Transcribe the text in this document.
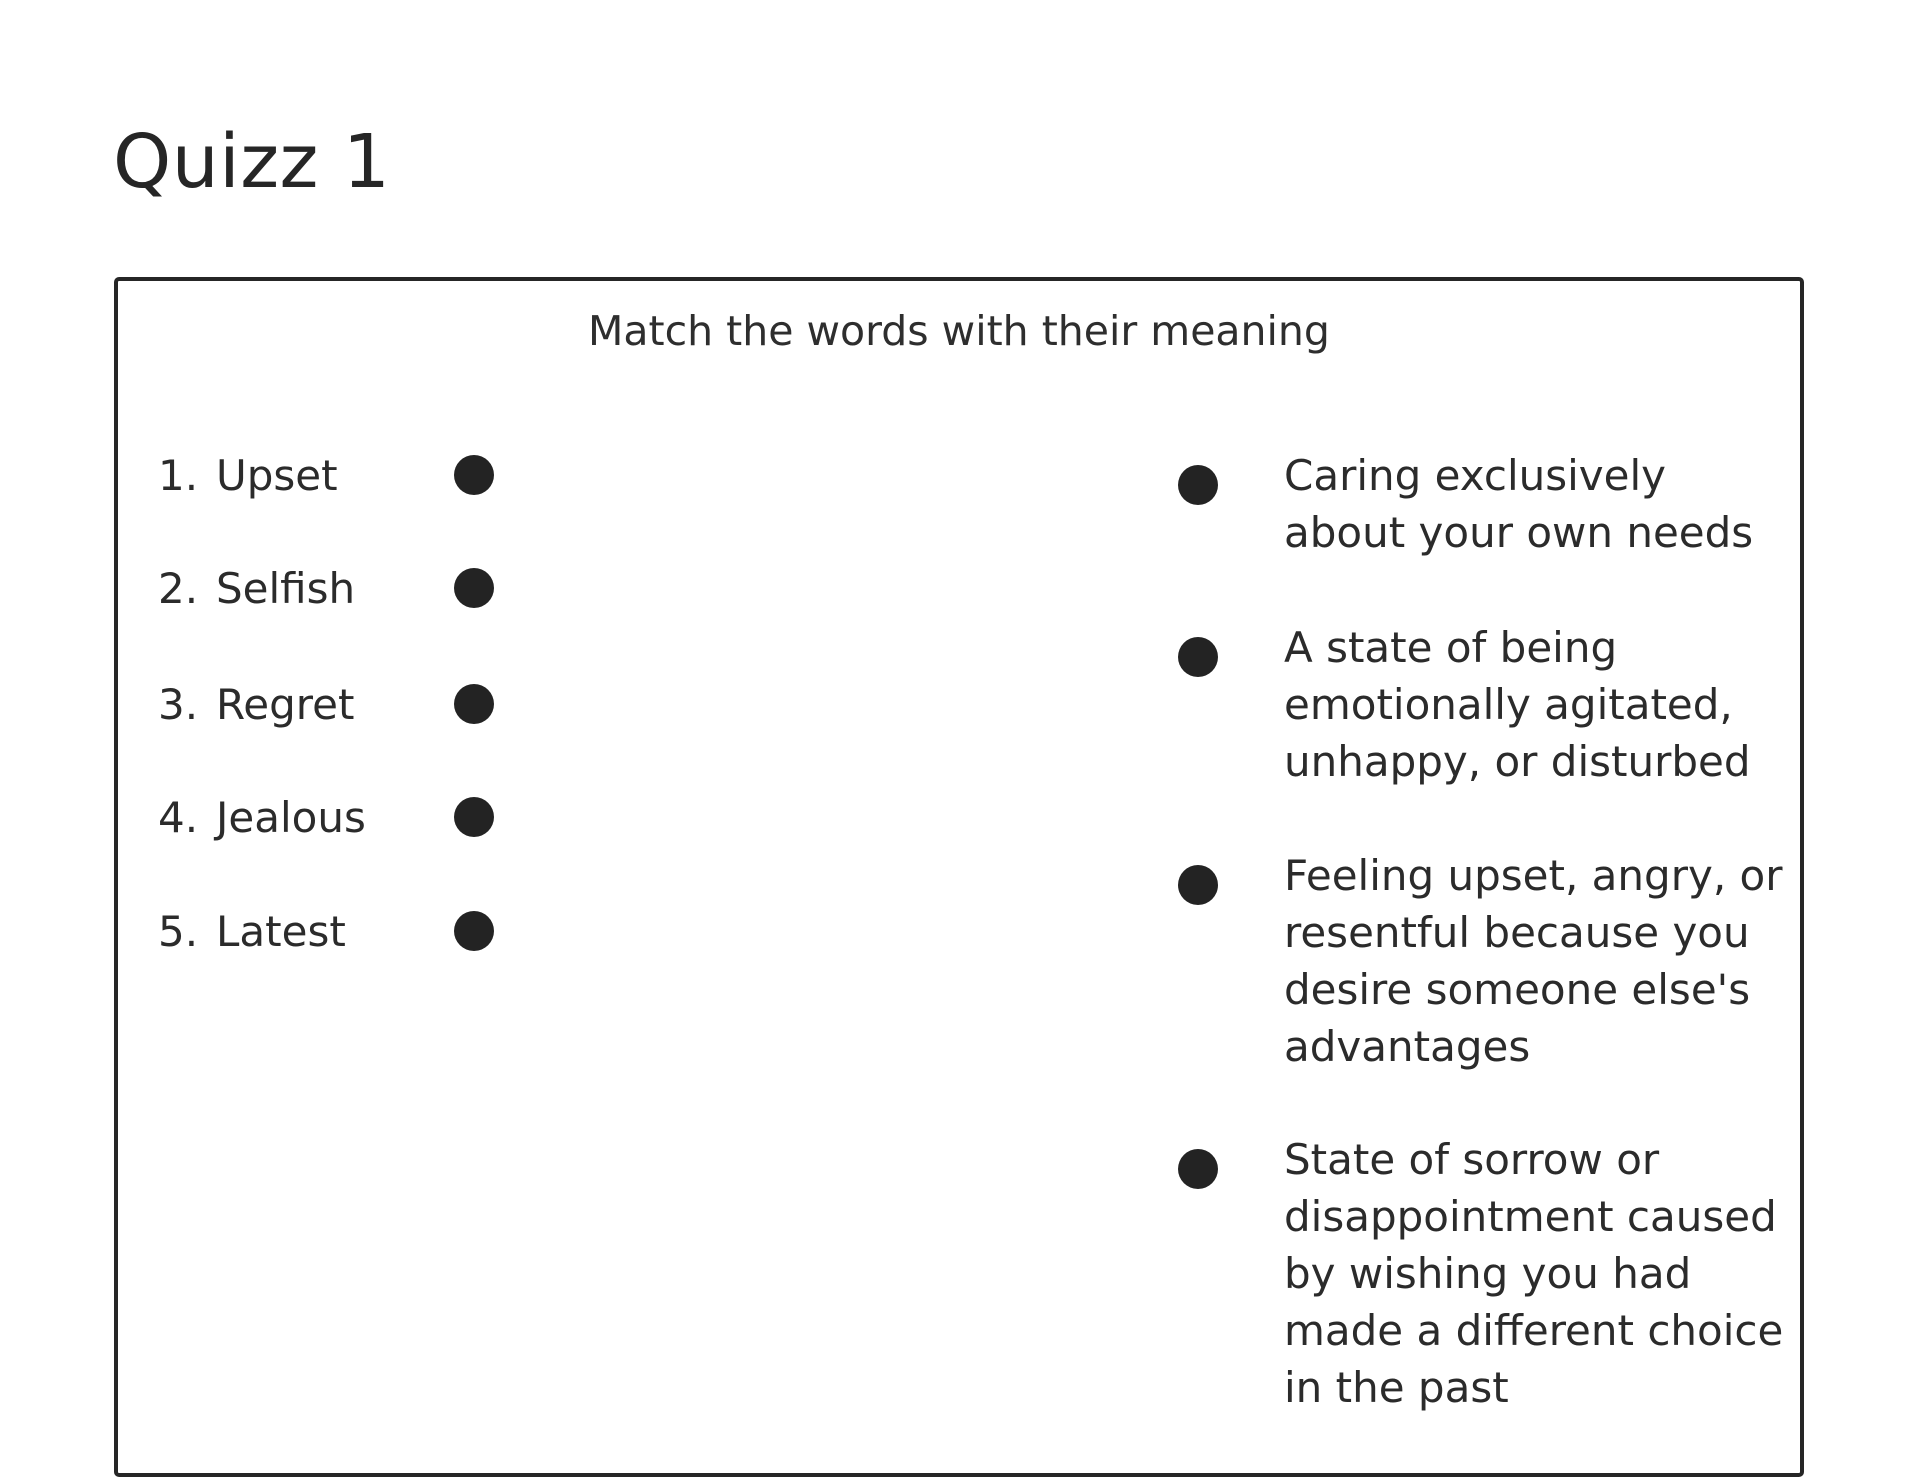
Quizz 1
Match the words with their meaning
1. Upset
2. Selfish
3. Regret
4. Jealous
5. Latest
Caring exclusively about your own needs
A state of being emotionally agitated, unhappy, or disturbed
Feeling upset, angry, or resentful because you desire someone else's advantages
State of sorrow or disappointment caused by wishing you had made a different choice in the past
